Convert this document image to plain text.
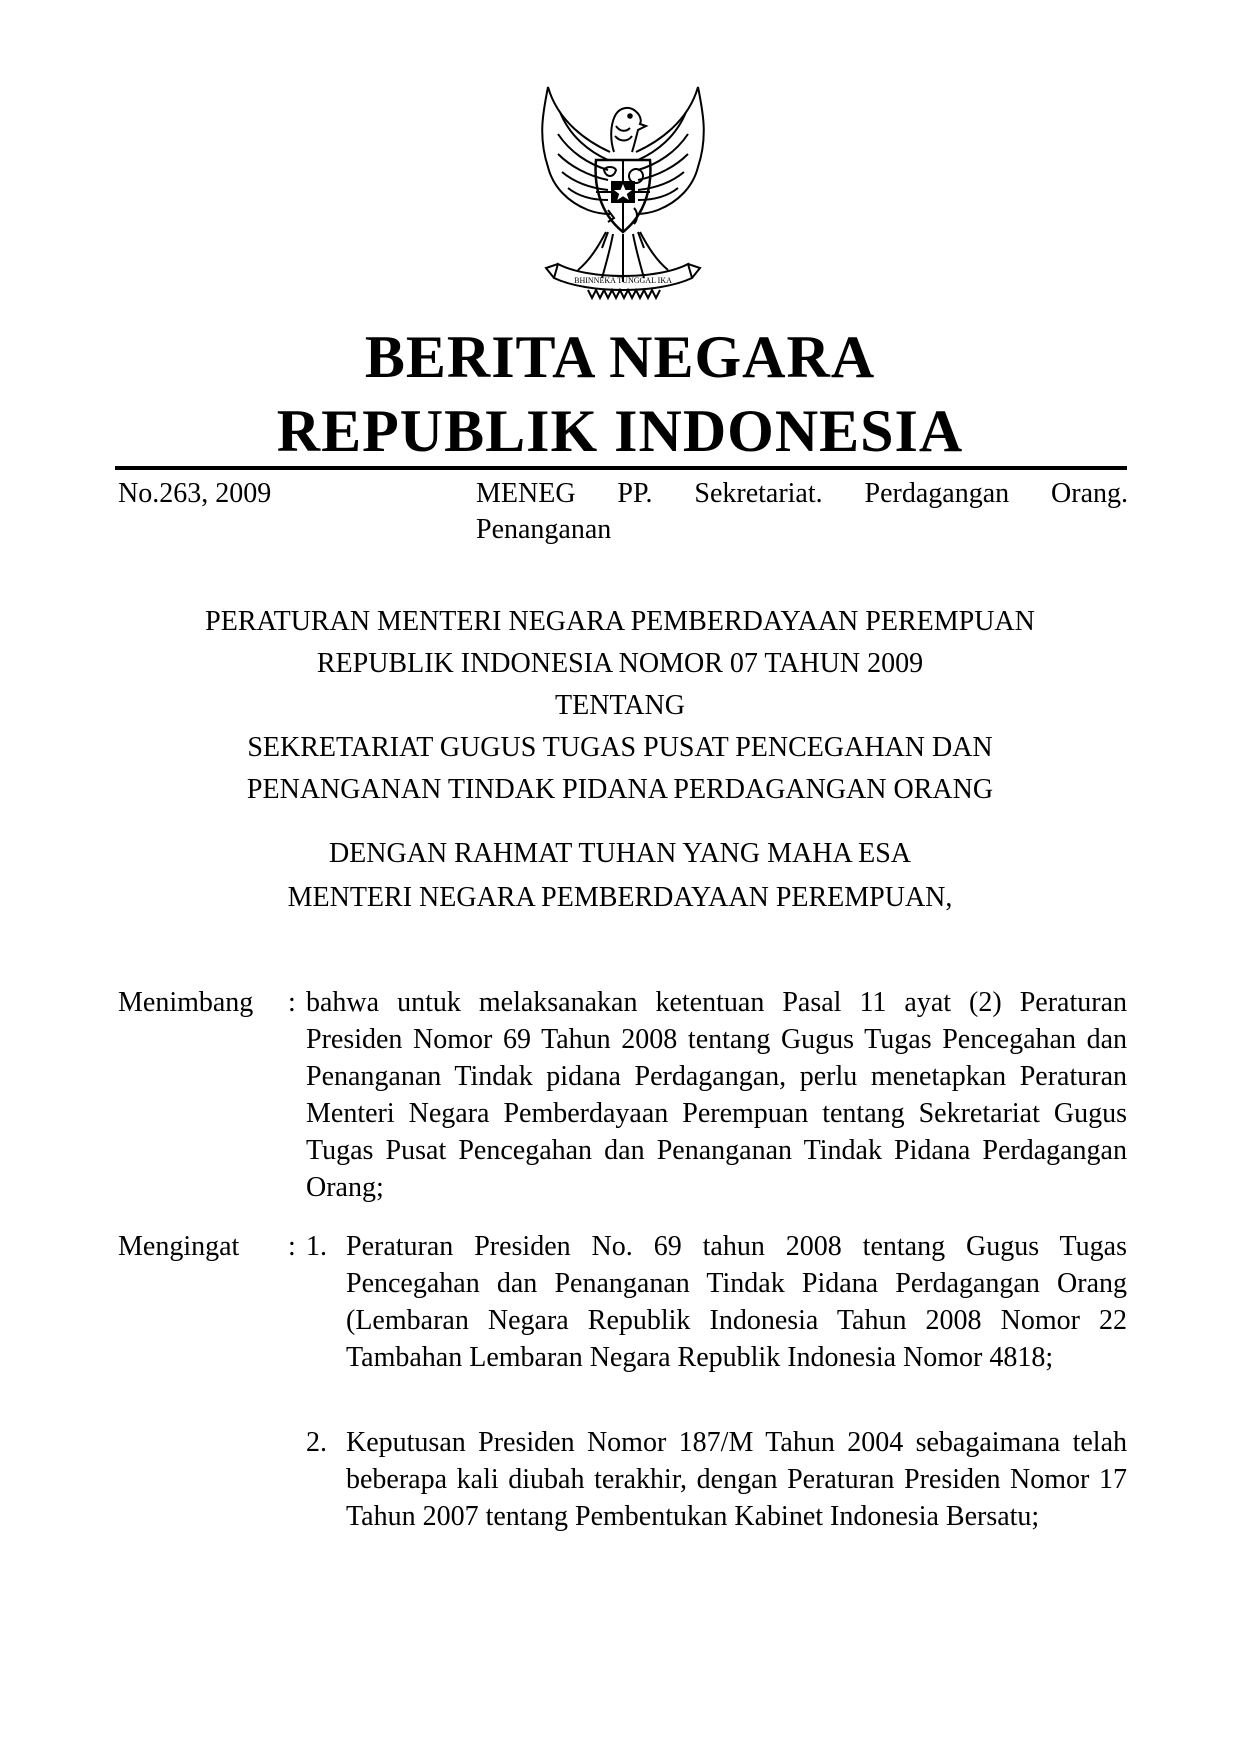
BHINNEKA TUNGGAL IKA
BERITA NEGARA
REPUBLIK INDONESIA
No.263, 2009	MENEG PP. Sekretariat. Perdagangan Orang. Penanganan
PERATURAN MENTERI NEGARA PEMBERDAYAAN PEREMPUAN
REPUBLIK INDONESIA NOMOR 07 TAHUN 2009
TENTANG
SEKRETARIAT GUGUS TUGAS PUSAT PENCEGAHAN DAN
PENANGANAN TINDAK PIDANA PERDAGANGAN ORANG
DENGAN RAHMAT TUHAN YANG MAHA ESA
MENTERI NEGARA PEMBERDAYAAN PEREMPUAN,
Menimbang : bahwa untuk melaksanakan ketentuan Pasal 11 ayat (2) Peraturan Presiden Nomor 69 Tahun 2008 tentang Gugus Tugas Pencegahan dan Penanganan Tindak pidana Perdagangan, perlu menetapkan Peraturan Menteri Negara Pemberdayaan Perempuan tentang Sekretariat Gugus Tugas Pusat Pencegahan dan Penanganan Tindak Pidana Perdagangan Orang;
Mengingat : 1. Peraturan Presiden No. 69 tahun 2008 tentang Gugus Tugas Pencegahan dan Penanganan Tindak Pidana Perdagangan Orang (Lembaran Negara Republik Indonesia Tahun 2008 Nomor 22 Tambahan Lembaran Negara Republik Indonesia Nomor 4818;
2. Keputusan Presiden Nomor 187/M Tahun 2004 sebagaimana telah beberapa kali diubah terakhir, dengan Peraturan Presiden Nomor 17 Tahun 2007 tentang Pembentukan Kabinet Indonesia Bersatu;
